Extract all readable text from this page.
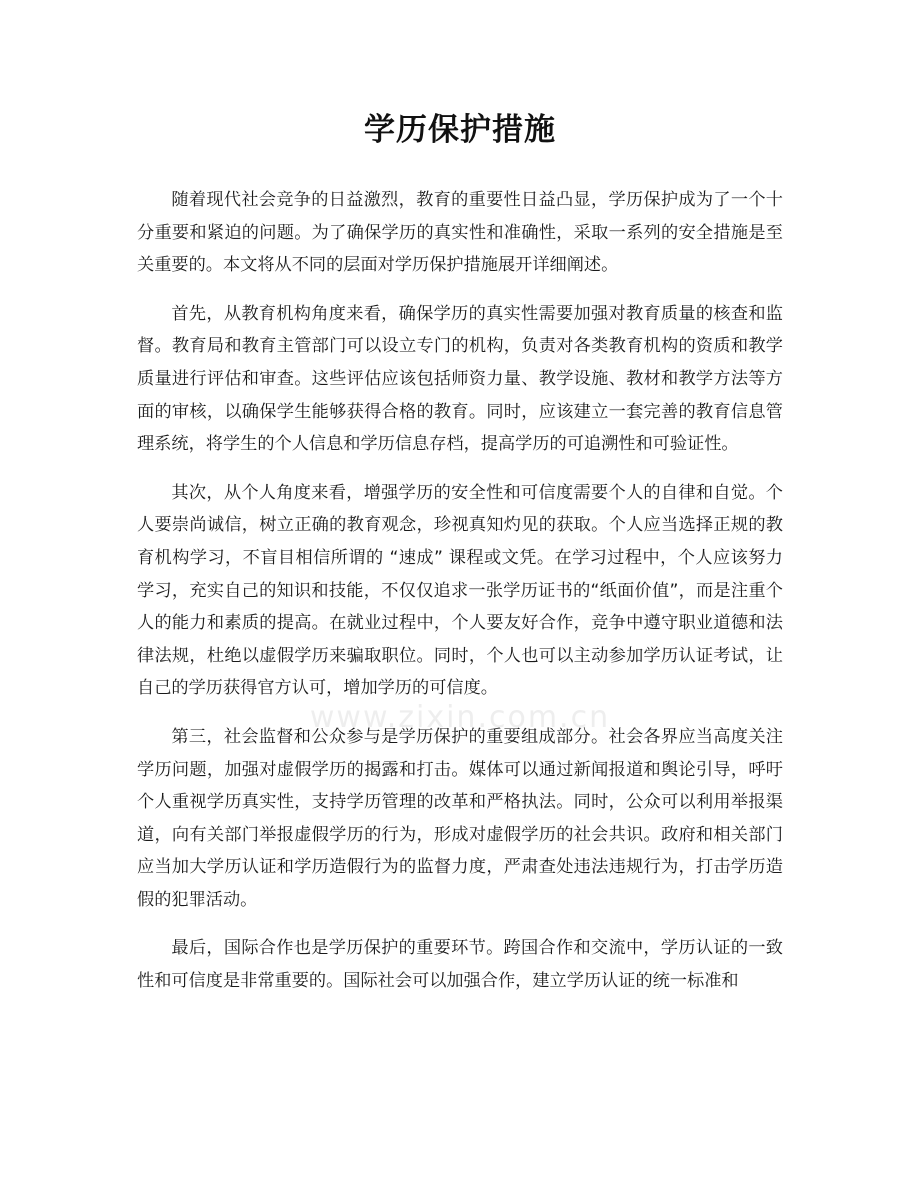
学历保护措施
www.zixin.com.cn

随着现代社会竞争的日益激烈，教育的重要性日益凸显，学历保护成为了一个十分重要和紧迫的问题。为了确保学历的真实性和准确性，采取一系列的安全措施是至关重要的。本文将从不同的层面对学历保护措施展开详细阐述。

首先，从教育机构角度来看，确保学历的真实性需要加强对教育质量的核查和监督。教育局和教育主管部门可以设立专门的机构，负责对各类教育机构的资质和教学质量进行评估和审查。这些评估应该包括师资力量、教学设施、教材和教学方法等方面的审核，以确保学生能够获得合格的教育。同时，应该建立一套完善的教育信息管理系统，将学生的个人信息和学历信息存档，提高学历的可追溯性和可验证性。

其次，从个人角度来看，增强学历的安全性和可信度需要个人的自律和自觉。个人要崇尚诚信，树立正确的教育观念，珍视真知灼见的获取。个人应当选择正规的教育机构学习，不盲目相信所谓的 “速成” 课程或文凭。在学习过程中，个人应该努力学习，充实自己的知识和技能，不仅仅追求一张学历证书的“纸面价值”，而是注重个人的能力和素质的提高。在就业过程中，个人要友好合作，竞争中遵守职业道德和法律法规，杜绝以虚假学历来骗取职位。同时，个人也可以主动参加学历认证考试，让自己的学历获得官方认可，增加学历的可信度。

第三，社会监督和公众参与是学历保护的重要组成部分。社会各界应当高度关注学历问题，加强对虚假学历的揭露和打击。媒体可以通过新闻报道和舆论引导，呼吁个人重视学历真实性，支持学历管理的改革和严格执法。同时，公众可以利用举报渠道，向有关部门举报虚假学历的行为，形成对虚假学历的社会共识。政府和相关部门应当加大学历认证和学历造假行为的监督力度，严肃查处违法违规行为，打击学历造假的犯罪活动。

最后，国际合作也是学历保护的重要环节。跨国合作和交流中，学历认证的一致性和可信度是非常重要的。国际社会可以加强合作，建立学历认证的统一标准和
